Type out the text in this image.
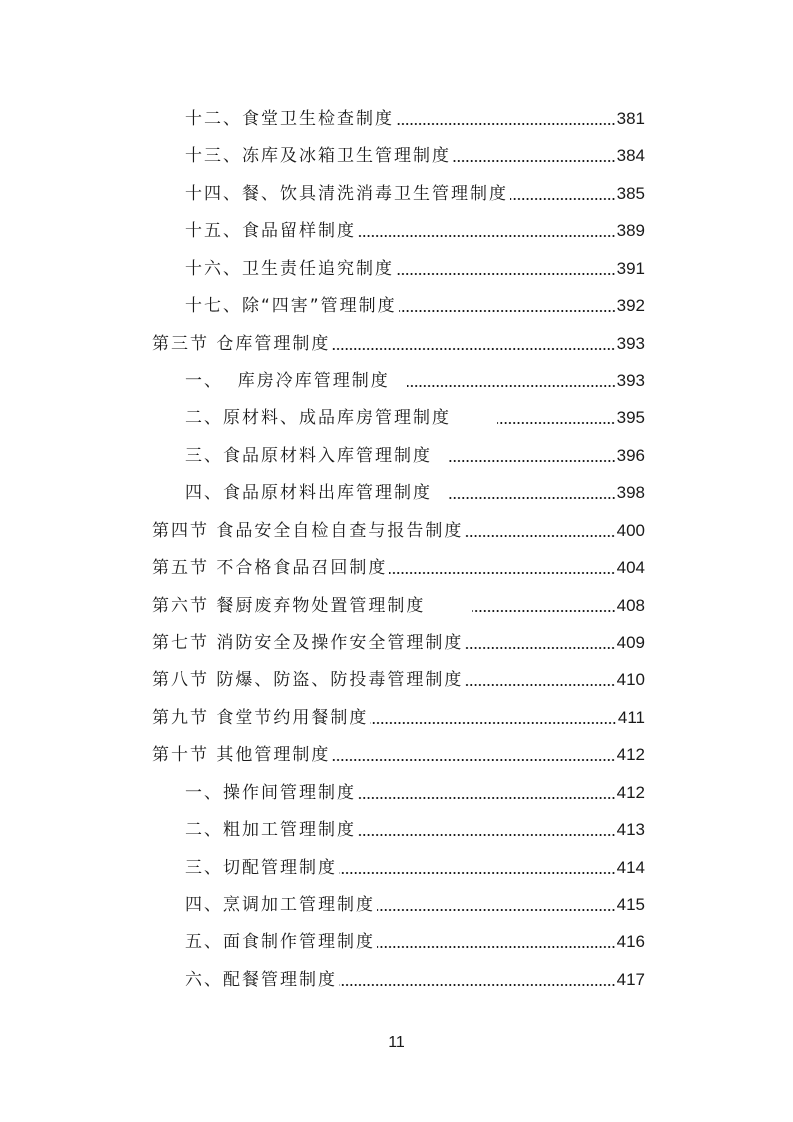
十二、食堂卫生检查制度	381
十三、冻库及冰箱卫生管理制度	384
十四、餐、饮具清洗消毒卫生管理制度	385
十五、食品留样制度	389
十六、卫生责任追究制度	391
十七、除“四害”管理制度	392
第三节 仓库管理制度	393
一、  库房冷库管理制度	393
二、原材料、成品库房管理制度	395
三、食品原材料入库管理制度	396
四、食品原材料出库管理制度	398
第四节 食品安全自检自查与报告制度	400
第五节 不合格食品召回制度	404
第六节 餐厨废弃物处置管理制度	408
第七节 消防安全及操作安全管理制度	409
第八节 防爆、防盗、防投毒管理制度	410
第九节 食堂节约用餐制度	411
第十节 其他管理制度	412
一、操作间管理制度	412
二、粗加工管理制度	413
三、切配管理制度	414
四、烹调加工管理制度	415
五、面食制作管理制度	416
六、配餐管理制度	417
11
